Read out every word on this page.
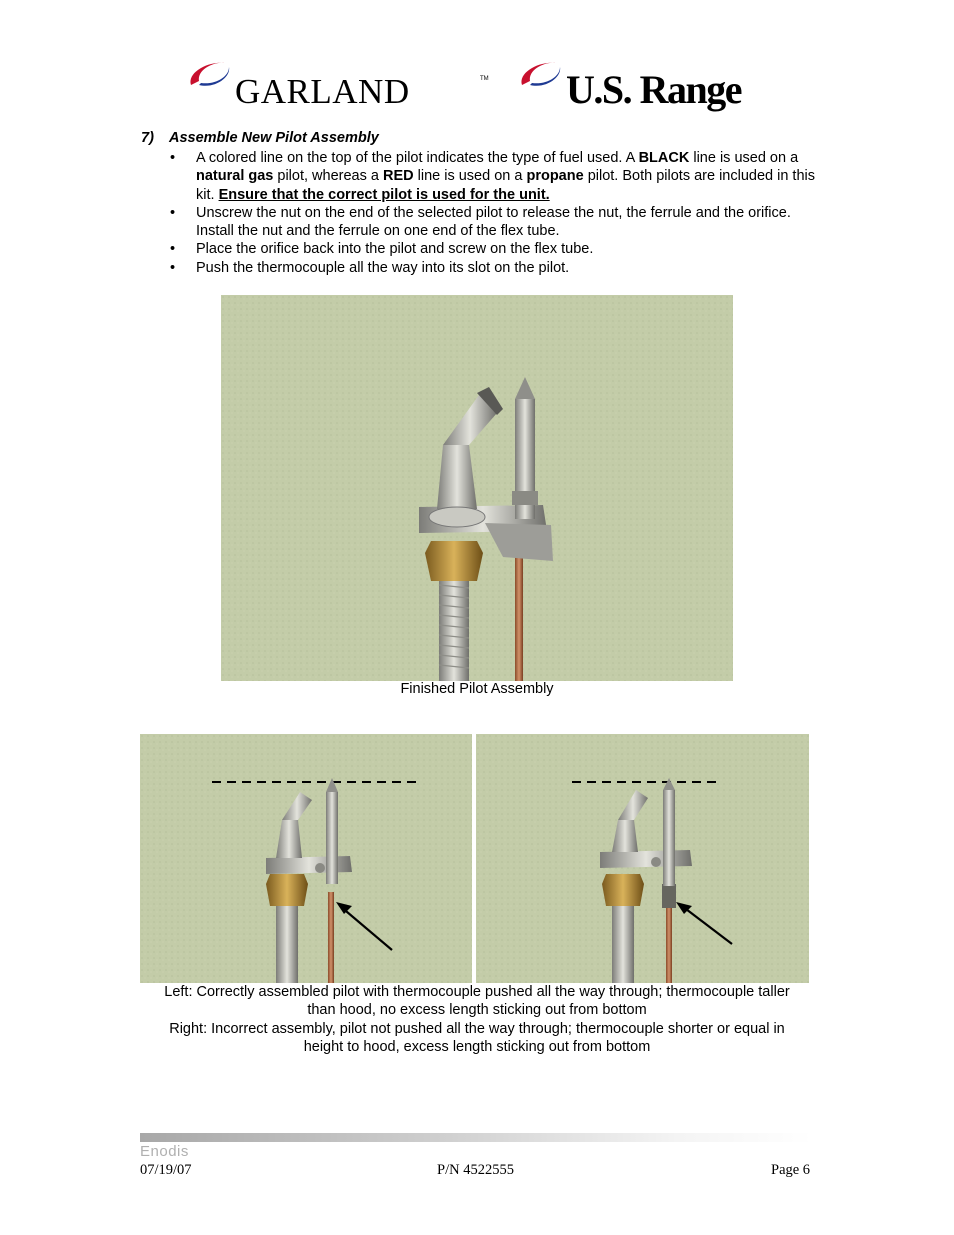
GARLAND	TM U.S. Range
7) Assemble New Pilot Assembly
• A colored line on the top of the pilot indicates the type of fuel used. A BLACK line is used on a natural gas pilot, whereas a RED line is used on a propane pilot. Both pilots are included in this kit. Ensure that the correct pilot is used for the unit.
• Unscrew the nut on the end of the selected pilot to release the nut, the ferrule and the orifice. Install the nut and the ferrule on one end of the flex tube.
• Place the orifice back into the pilot and screw on the flex tube.
• Push the thermocouple all the way into its slot on the pilot.
Finished Pilot Assembly
Left: Correctly assembled pilot with thermocouple pushed all the way through; thermocouple taller
than hood, no excess length sticking out from bottom
Right: Incorrect assembly, pilot not pushed all the way through; thermocouple shorter or equal in
height to hood, excess length sticking out from bottom
Enodis
07/19/07	P/N 4522555	Page 6
